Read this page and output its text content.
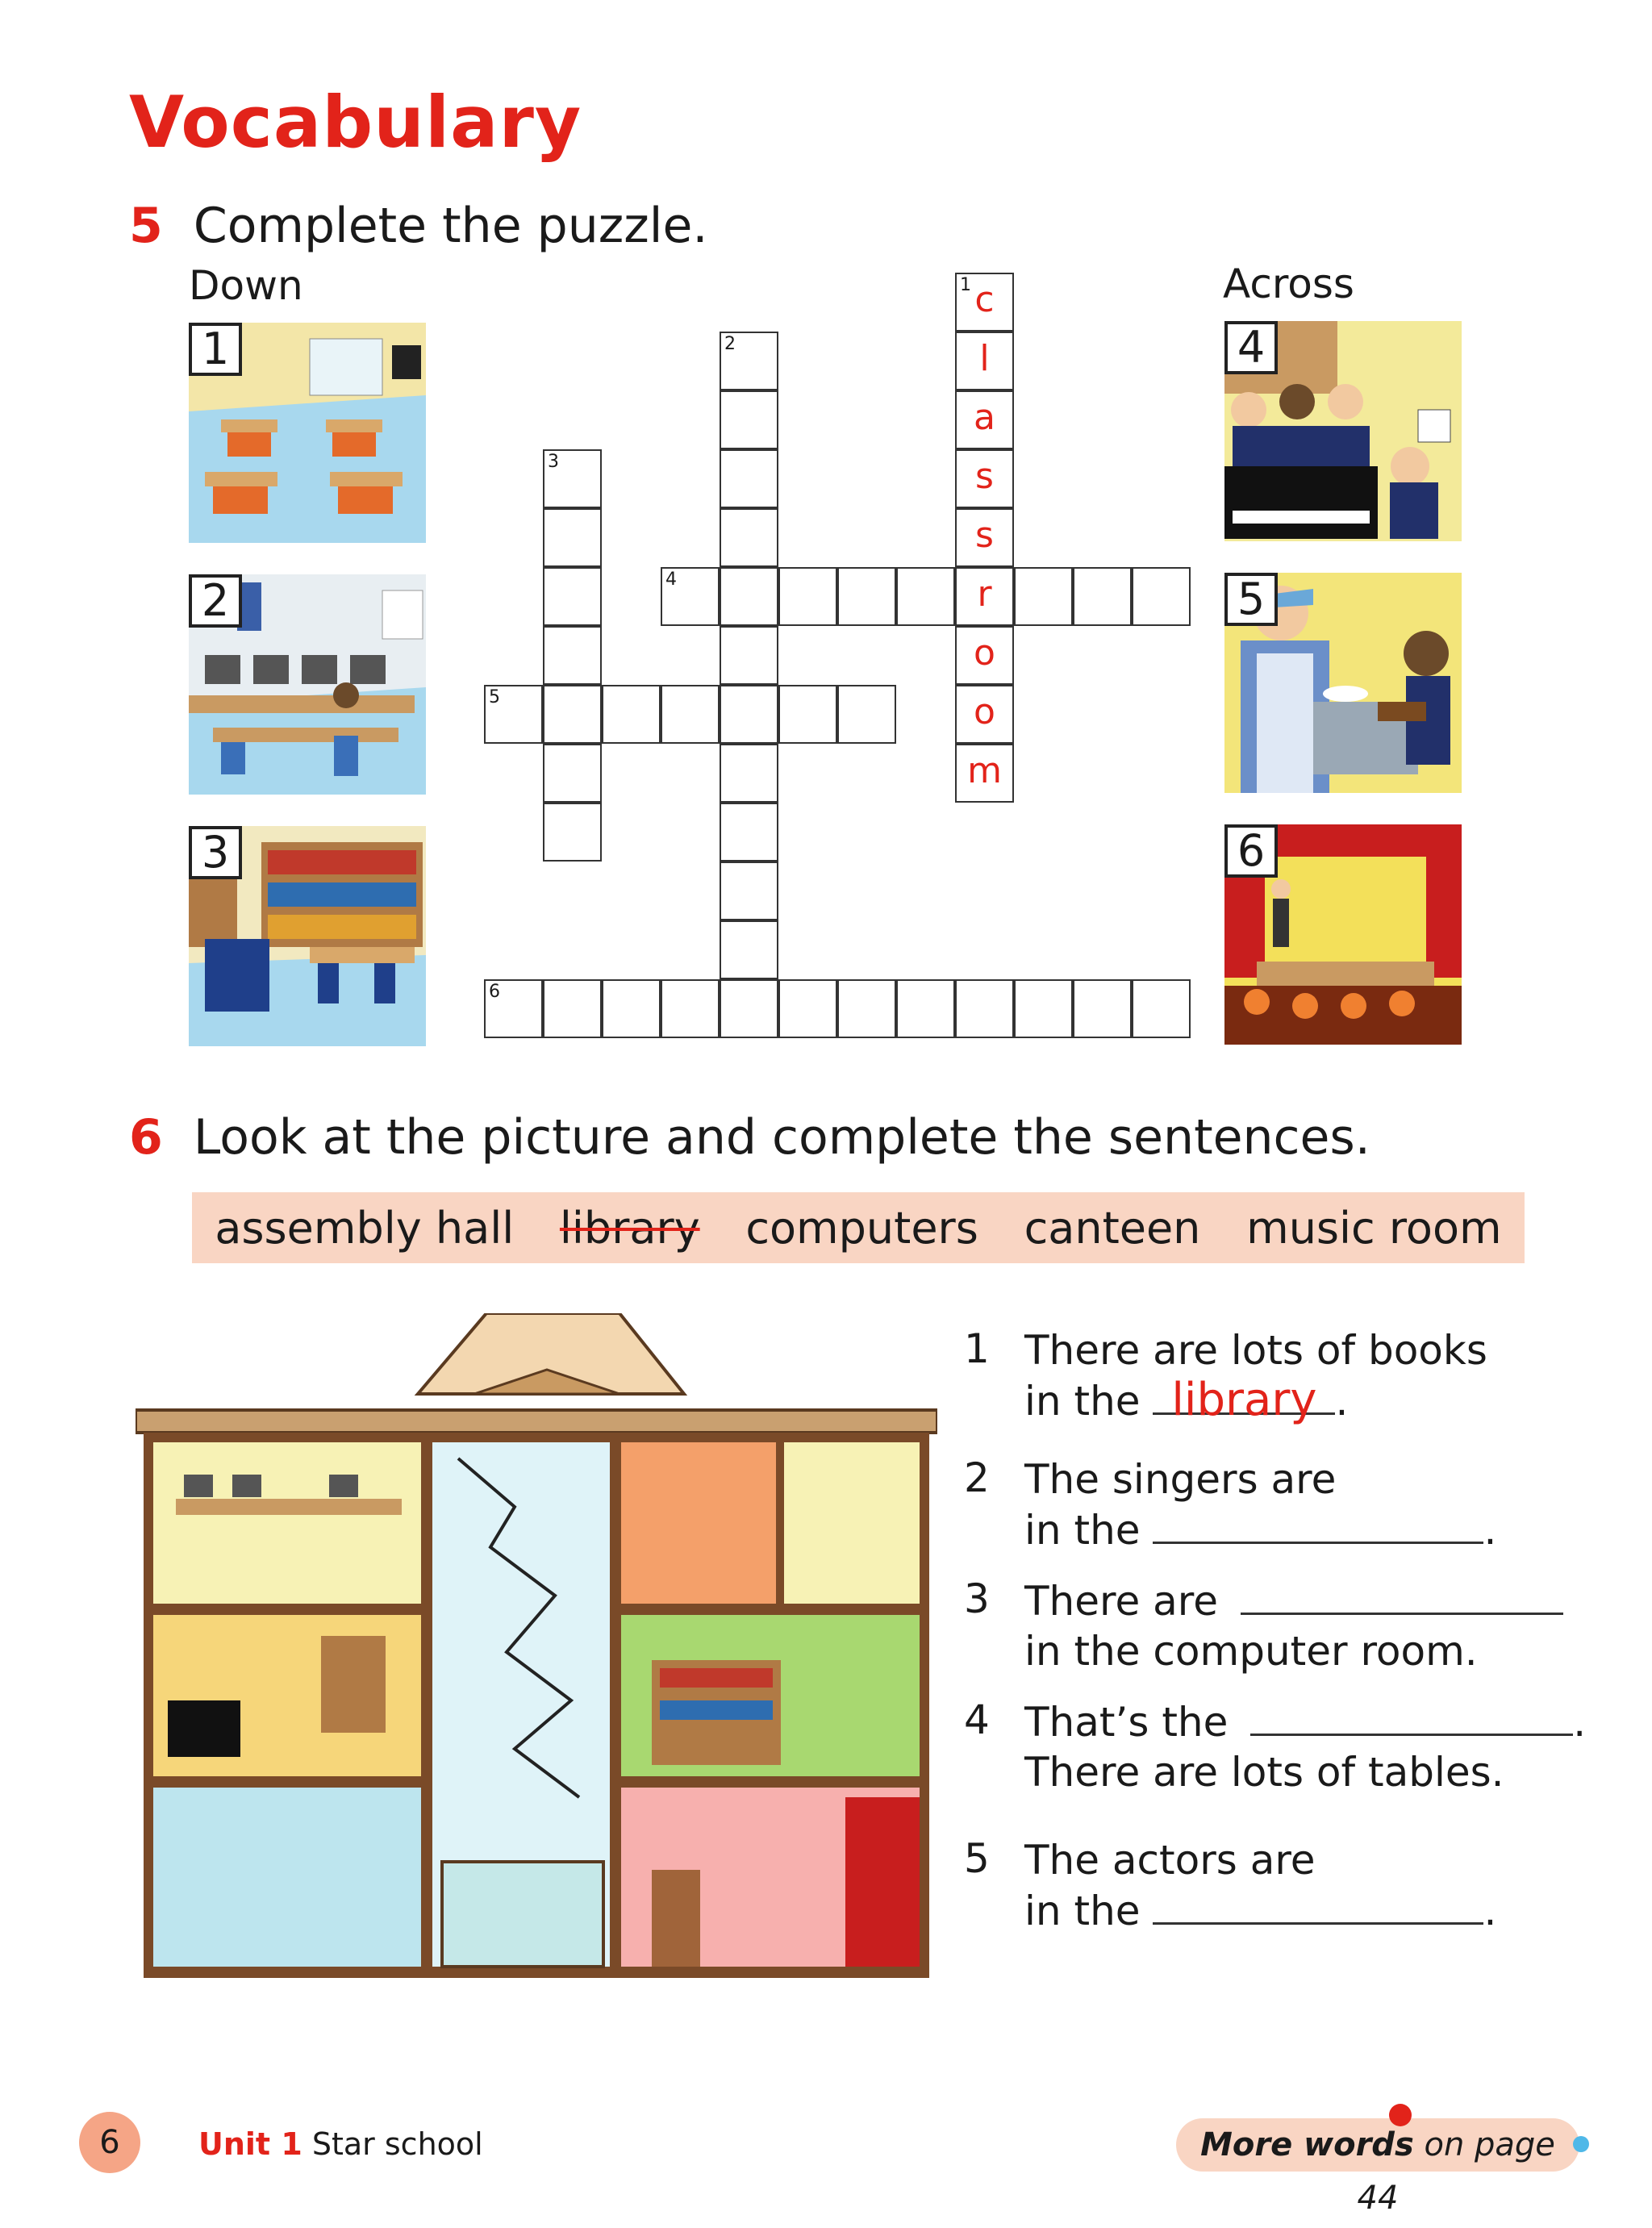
Vocabulary
5 Complete the puzzle.
Down	Across
1
2
3
4
5
6
1 c
l
a
s
s
r
o
o
m
2
3
4
5
6
6 Look at the picture and complete the sentences.
assembly hall library computers canteen music room
1 There are lots of books
in the library .
2 The singers are
in the	.
3 There are
in the computer room.
4 That’s the	.
There are lots of tables.
5 The actors are
in the	.
6	Unit 1 Star school	More words on page 44
